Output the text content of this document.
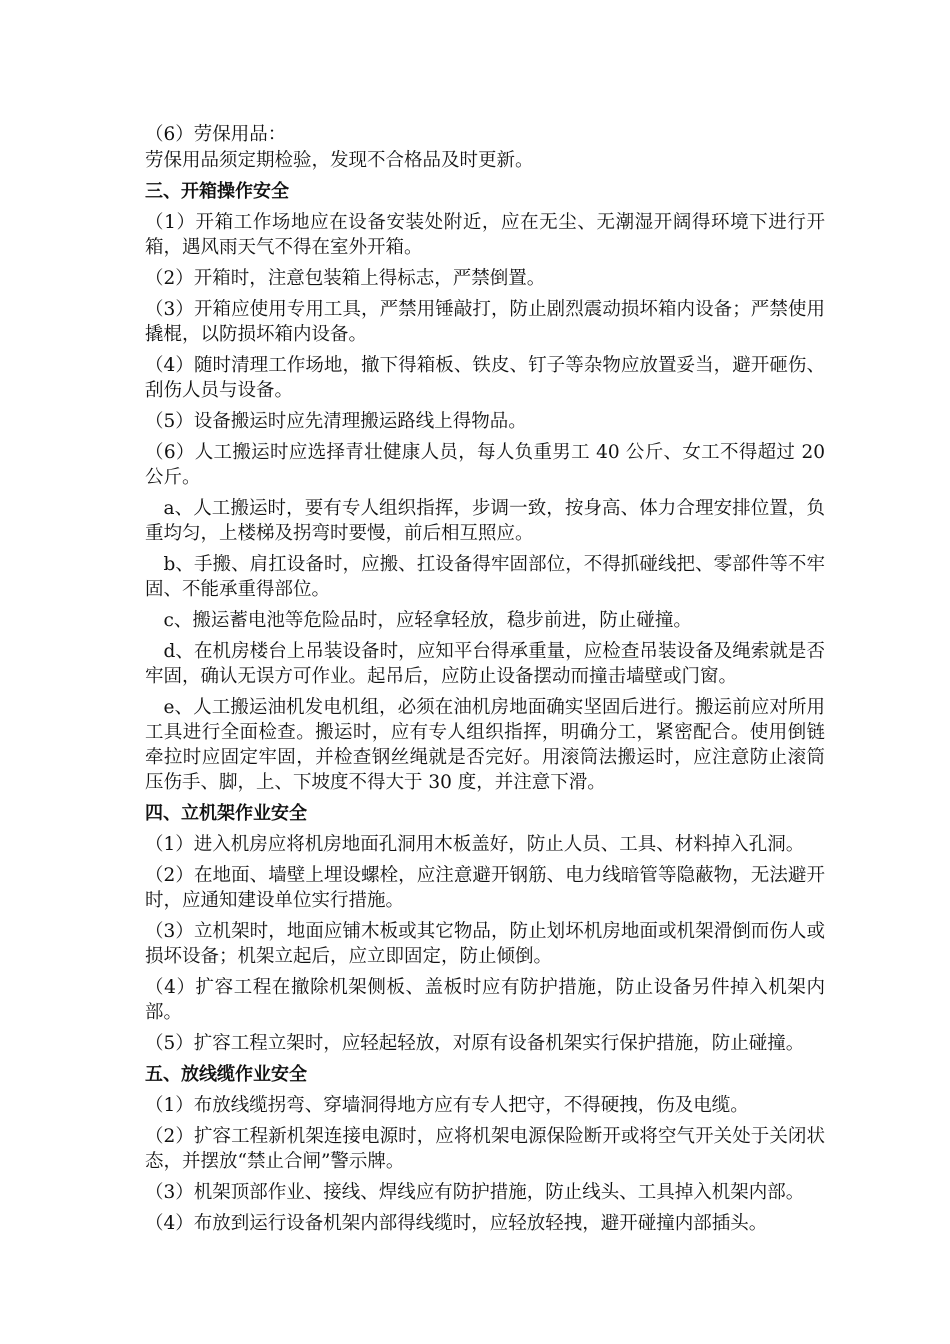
（6）劳保用品：

劳保用品须定期检验，发现不合格品及时更新。

三、开箱操作安全

（1）开箱工作场地应在设备安装处附近，应在无尘、无潮湿开阔得环境下进行开箱，遇风雨天气不得在室外开箱。

（2）开箱时，注意包装箱上得标志，严禁倒置。

（3）开箱应使用专用工具，严禁用锤敲打，防止剧烈震动损坏箱内设备；严禁使用撬棍，以防损坏箱内设备。

（4）随时清理工作场地，撤下得箱板、铁皮、钉子等杂物应放置妥当，避开砸伤、刮伤人员与设备。

（5）设备搬运时应先清理搬运路线上得物品。

（6）人工搬运时应选择青壮健康人员，每人负重男工 40 公斤、女工不得超过 20 公斤。

a、人工搬运时，要有专人组织指挥，步调一致，按身高、体力合理安排位置，负重均匀，上楼梯及拐弯时要慢，前后相互照应。

b、手搬、肩扛设备时，应搬、扛设备得牢固部位，不得抓碰线把、零部件等不牢固、不能承重得部位。

c、搬运蓄电池等危险品时，应轻拿轻放，稳步前进，防止碰撞。

d、在机房楼台上吊装设备时，应知平台得承重量，应检查吊装设备及绳索就是否牢固，确认无误方可作业。起吊后，应防止设备摆动而撞击墙壁或门窗。

e、人工搬运油机发电机组，必须在油机房地面确实坚固后进行。搬运前应对所用工具进行全面检查。搬运时，应有专人组织指挥，明确分工，紧密配合。使用倒链牵拉时应固定牢固，并检查钢丝绳就是否完好。用滚筒法搬运时，应注意防止滚筒压伤手、脚，上、下坡度不得大于 30 度，并注意下滑。

四、立机架作业安全

（1）进入机房应将机房地面孔洞用木板盖好，防止人员、工具、材料掉入孔洞。

（2）在地面、墙壁上埋设螺栓，应注意避开钢筋、电力线暗管等隐蔽物，无法避开时，应通知建设单位实行措施。

（3）立机架时，地面应铺木板或其它物品，防止划坏机房地面或机架滑倒而伤人或损坏设备；机架立起后，应立即固定，防止倾倒。

（4）扩容工程在撤除机架侧板、盖板时应有防护措施，防止设备另件掉入机架内部。

（5）扩容工程立架时，应轻起轻放，对原有设备机架实行保护措施，防止碰撞。

五、放线缆作业安全

（1）布放线缆拐弯、穿墙洞得地方应有专人把守，不得硬拽，伤及电缆。

（2）扩容工程新机架连接电源时，应将机架电源保险断开或将空气开关处于关闭状态，并摆放“禁止合闸”警示牌。

（3）机架顶部作业、接线、焊线应有防护措施，防止线头、工具掉入机架内部。

（4）布放到运行设备机架内部得线缆时，应轻放轻拽，避开碰撞内部插头。
